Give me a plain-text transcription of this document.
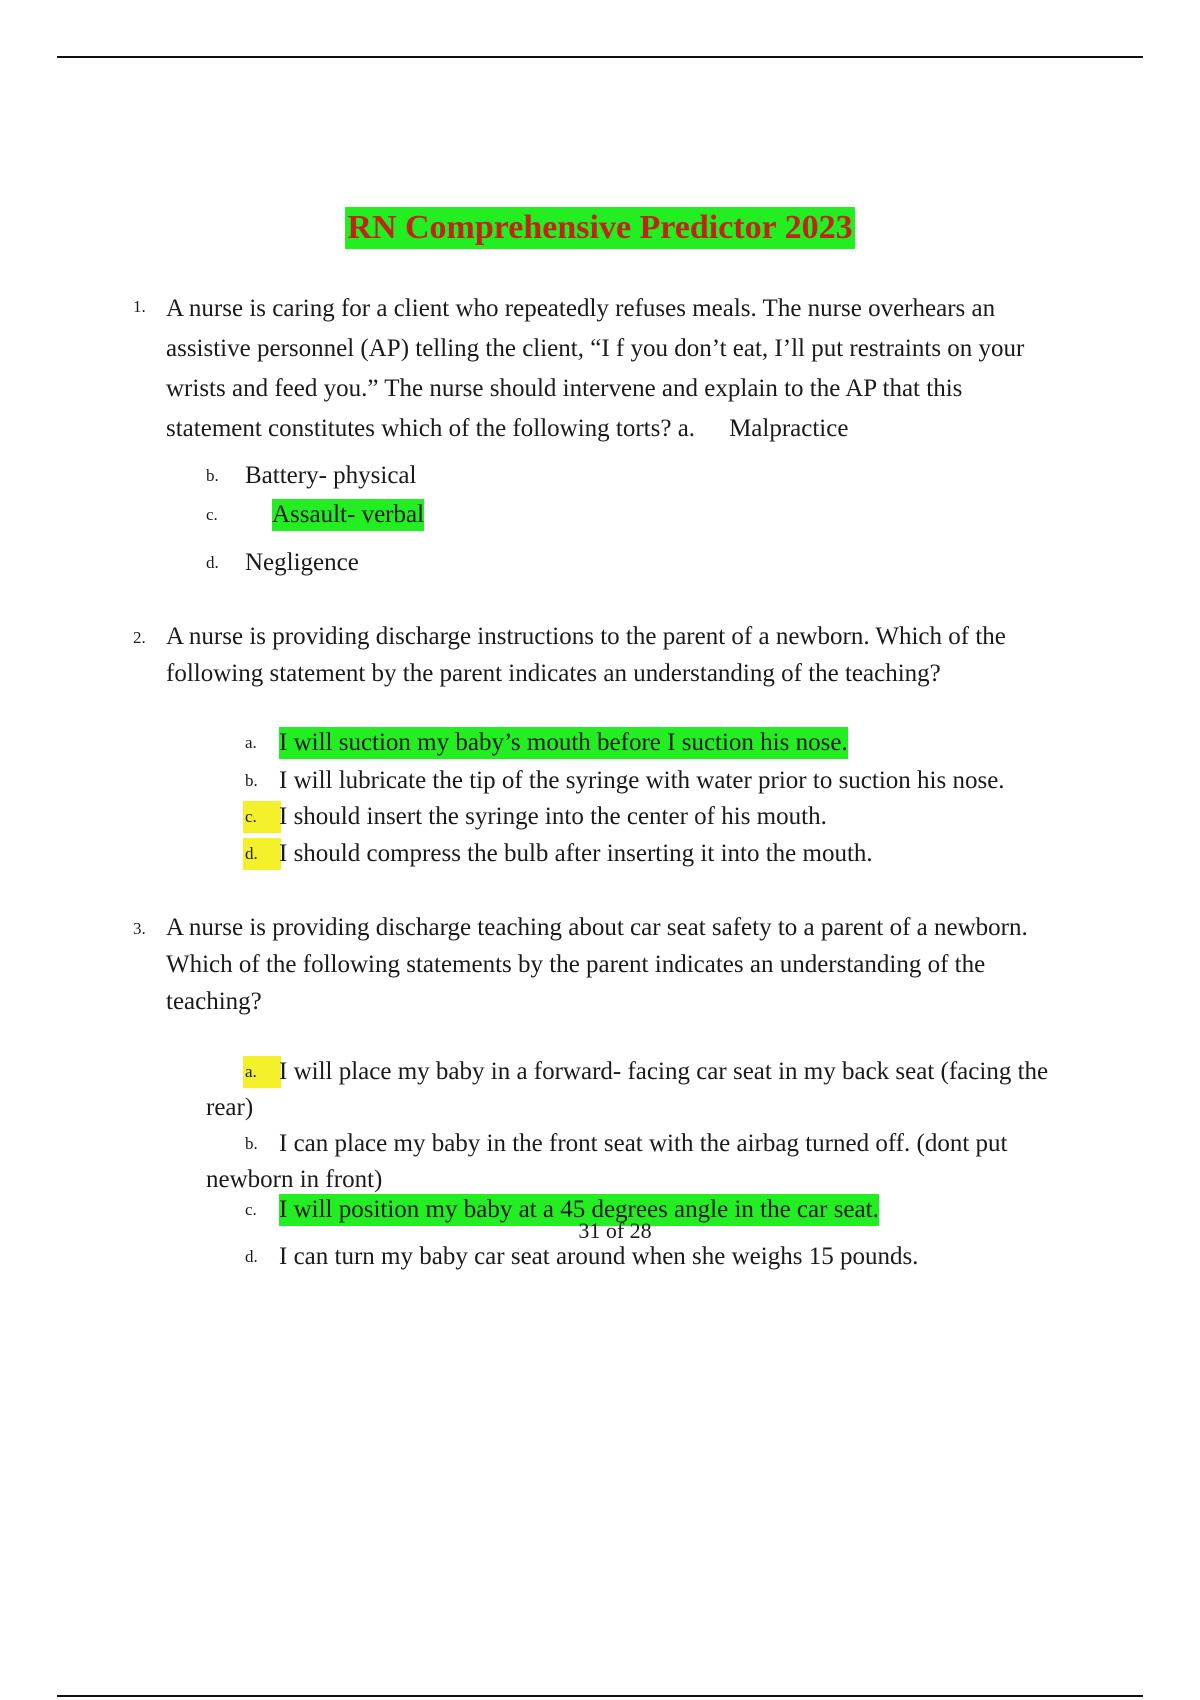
RN Comprehensive Predictor 2023
1. A nurse is caring for a client who repeatedly refuses meals. The nurse overhears an
assistive personnel (AP) telling the client, “I f you don’t eat, I’ll put restraints on your
wrists and feed you.” The nurse should intervene and explain to the AP that this
statement constitutes which of the following torts? a. Malpractice
b. Battery- physical
c. Assault- verbal
d. Negligence
2. A nurse is providing discharge instructions to the parent of a newborn. Which of the
following statement by the parent indicates an understanding of the teaching?
a. I will suction my baby’s mouth before I suction his nose.
b. I will lubricate the tip of the syringe with water prior to suction his nose.
c. I should insert the syringe into the center of his mouth.
d. I should compress the bulb after inserting it into the mouth.
3. A nurse is providing discharge teaching about car seat safety to a parent of a newborn.
Which of the following statements by the parent indicates an understanding of the
teaching?
a. I will place my baby in a forward- facing car seat in my back seat (facing the
rear)
b. I can place my baby in the front seat with the airbag turned off. (dont put
newborn in front)
c. I will position my baby at a 45 degrees angle in the car seat.
d. I can turn my baby car seat around when she weighs 15 pounds.
31 of 28
